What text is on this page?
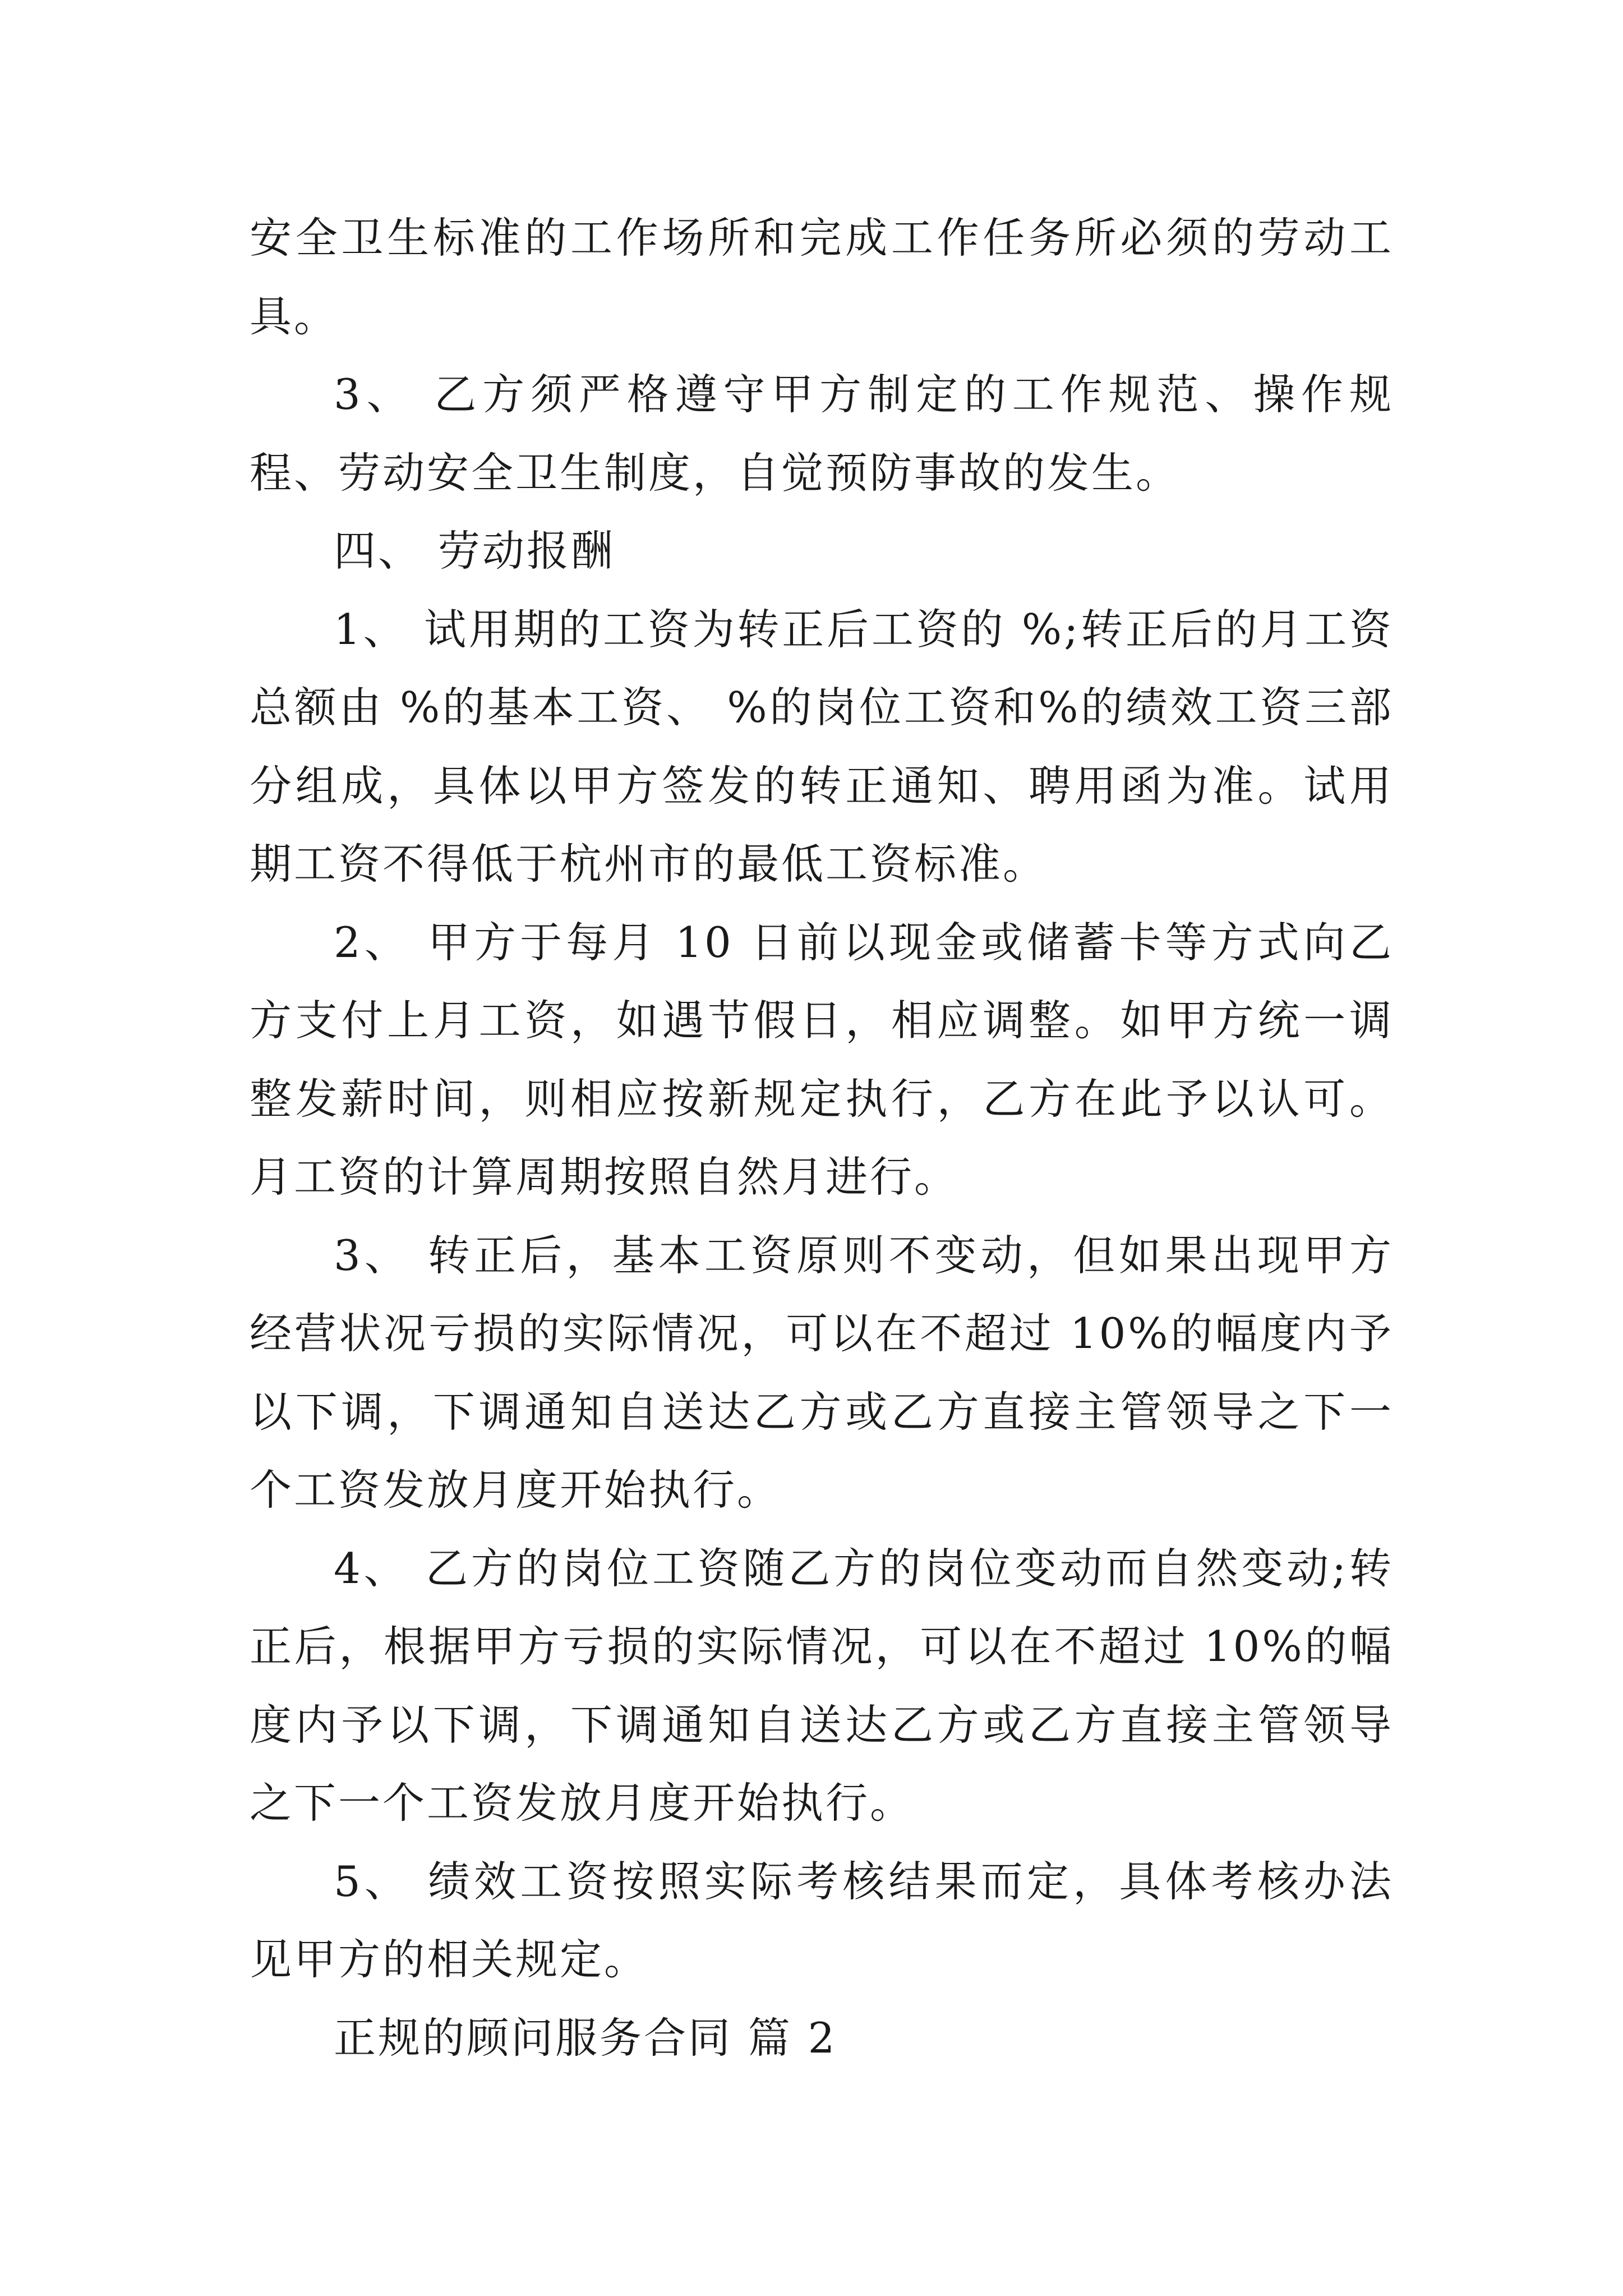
安全卫生标准的工作场所和完成工作任务所必须的劳动工具。

3、 乙方须严格遵守甲方制定的工作规范、操作规程、劳动安全卫生制度，自觉预防事故的发生。

四、 劳动报酬

1、 试用期的工资为转正后工资的 %;转正后的月工资总额由 %的基本工资、 %的岗位工资和%的绩效工资三部分组成，具体以甲方签发的转正通知、聘用函为准。试用期工资不得低于杭州市的最低工资标准。

2、 甲方于每月 10 日前以现金或储蓄卡等方式向乙方支付上月工资，如遇节假日，相应调整。如甲方统一调整发薪时间，则相应按新规定执行，乙方在此予以认可。月工资的计算周期按照自然月进行。

3、 转正后，基本工资原则不变动，但如果出现甲方经营状况亏损的实际情况，可以在不超过 10%的幅度内予以下调，下调通知自送达乙方或乙方直接主管领导之下一个工资发放月度开始执行。

4、 乙方的岗位工资随乙方的岗位变动而自然变动;转正后，根据甲方亏损的实际情况，可以在不超过 10%的幅度内予以下调，下调通知自送达乙方或乙方直接主管领导之下一个工资发放月度开始执行。

5、 绩效工资按照实际考核结果而定，具体考核办法见甲方的相关规定。

正规的顾问服务合同 篇 2
